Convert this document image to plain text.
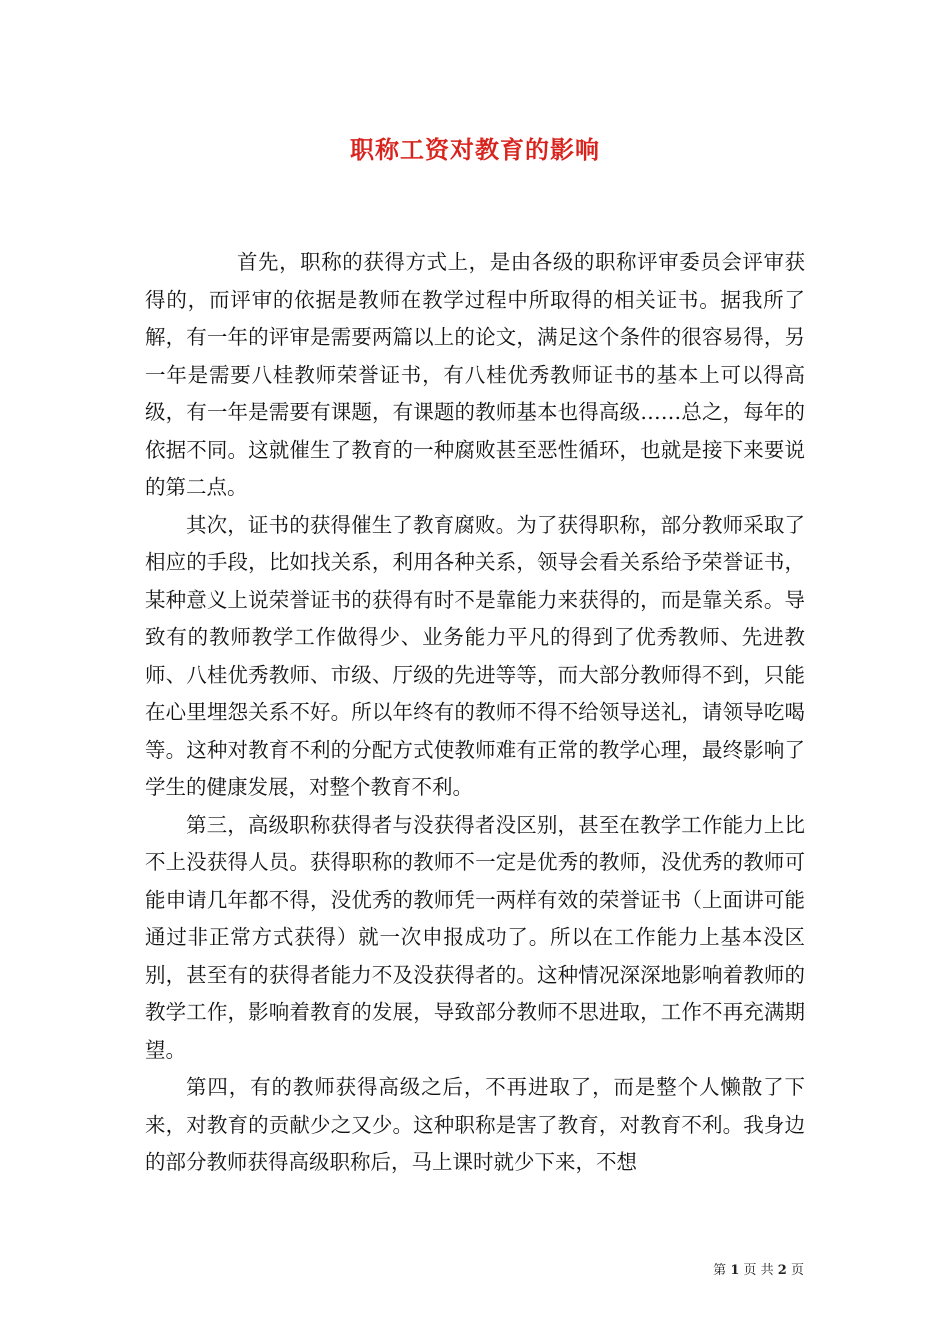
职称工资对教育的影响

首先，职称的获得方式上，是由各级的职称评审委员会评审获得的，而评审的依据是教师在教学过程中所取得的相关证书。据我所了解，有一年的评审是需要两篇以上的论文，满足这个条件的很容易得，另一年是需要八桂教师荣誉证书，有八桂优秀教师证书的基本上可以得高级，有一年是需要有课题，有课题的教师基本也得高级……总之，每年的依据不同。这就催生了教育的一种腐败甚至恶性循环，也就是接下来要说的第二点。

其次，证书的获得催生了教育腐败。为了获得职称，部分教师采取了相应的手段，比如找关系，利用各种关系，领导会看关系给予荣誉证书，某种意义上说荣誉证书的获得有时不是靠能力来获得的，而是靠关系。导致有的教师教学工作做得少、业务能力平凡的得到了优秀教师、先进教师、八桂优秀教师、市级、厅级的先进等等，而大部分教师得不到，只能在心里埋怨关系不好。所以年终有的教师不得不给领导送礼，请领导吃喝等。这种对教育不利的分配方式使教师难有正常的教学心理，最终影响了学生的健康发展，对整个教育不利。

第三，高级职称获得者与没获得者没区别，甚至在教学工作能力上比不上没获得人员。获得职称的教师不一定是优秀的教师，没优秀的教师可能申请几年都不得，没优秀的教师凭一两样有效的荣誉证书（上面讲可能通过非正常方式获得）就一次申报成功了。所以在工作能力上基本没区别，甚至有的获得者能力不及没获得者的。这种情况深深地影响着教师的教学工作，影响着教育的发展，导致部分教师不思进取，工作不再充满期望。

第四，有的教师获得高级之后，不再进取了，而是整个人懒散了下来，对教育的贡献少之又少。这种职称是害了教育，对教育不利。我身边的部分教师获得高级职称后，马上课时就少下来，不想

第 1 页 共 2 页
